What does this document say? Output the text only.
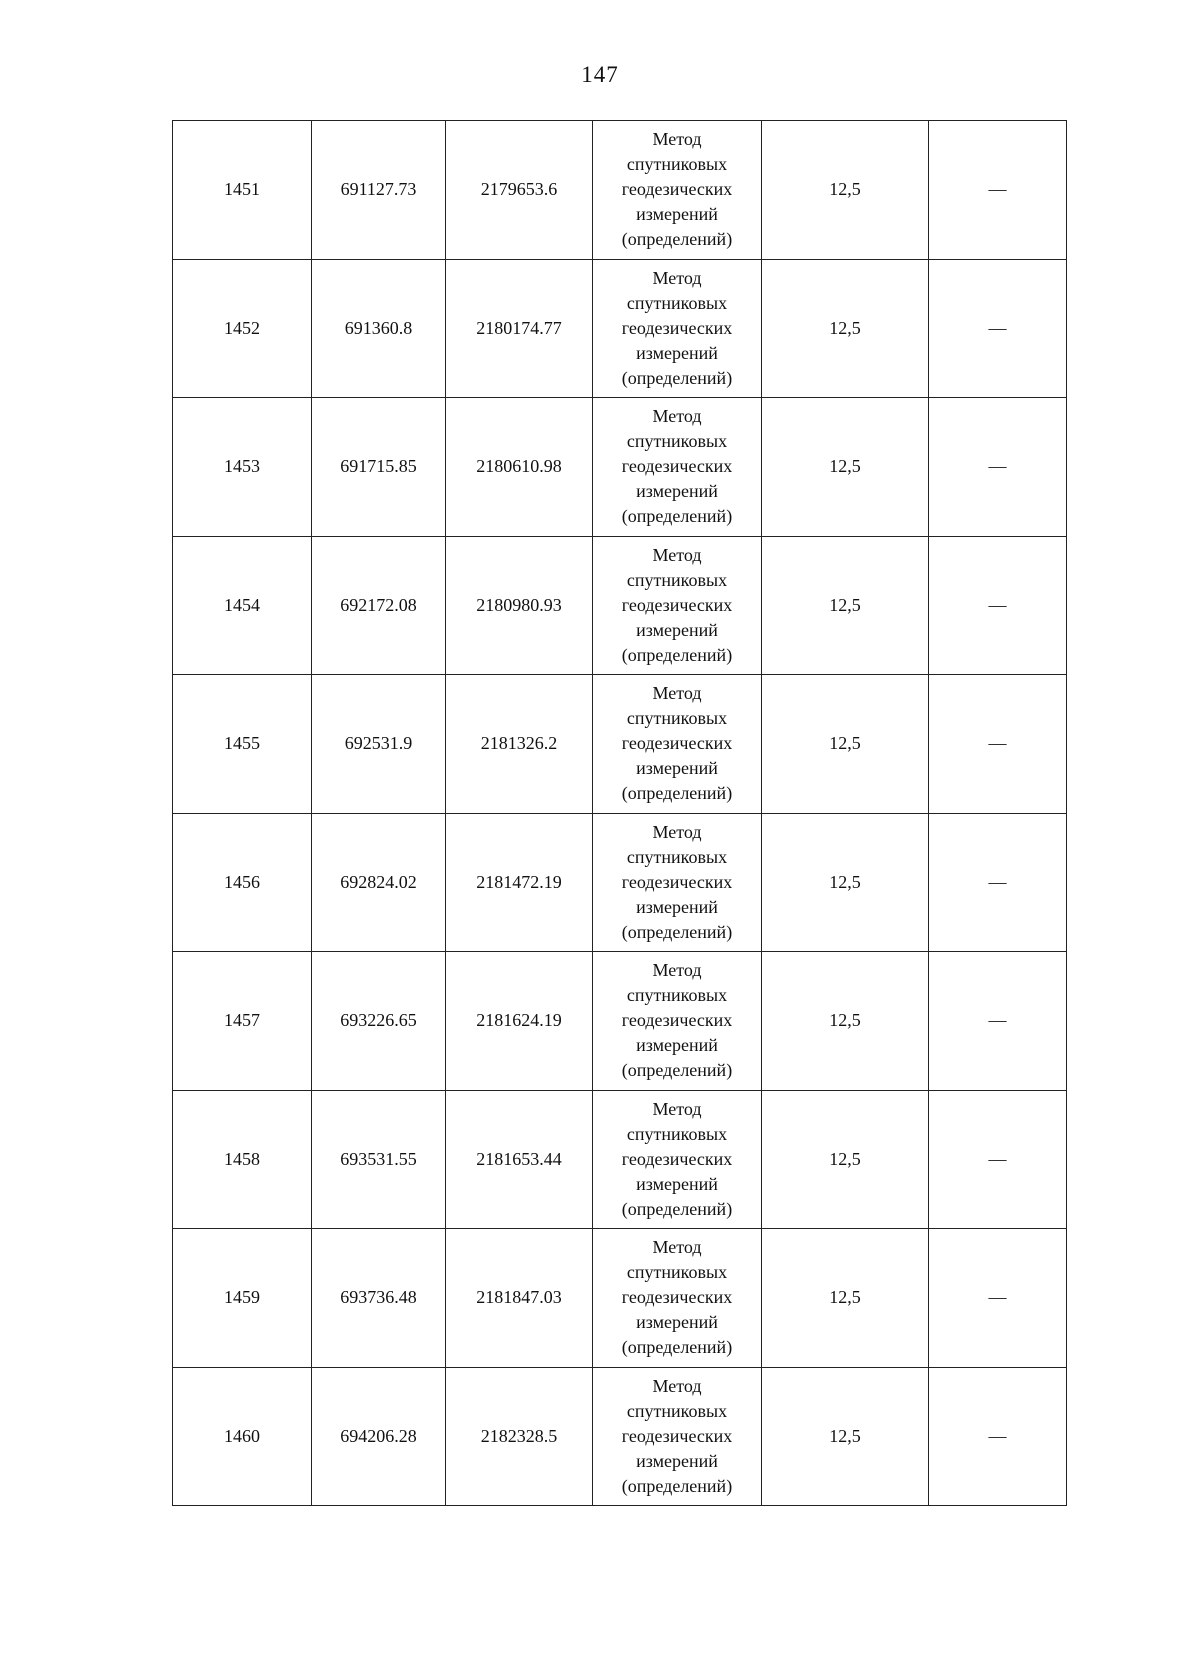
147
1451	691127.73	2179653.6	Метод
спутниковых
геодезических
измерений
(определений)	12,5	—
1452	691360.8	2180174.77	Метод
спутниковых
геодезических
измерений
(определений)	12,5	—
1453	691715.85	2180610.98	Метод
спутниковых
геодезических
измерений
(определений)	12,5	—
1454	692172.08	2180980.93	Метод
спутниковых
геодезических
измерений
(определений)	12,5	—
1455	692531.9	2181326.2	Метод
спутниковых
геодезических
измерений
(определений)	12,5	—
1456	692824.02	2181472.19	Метод
спутниковых
геодезических
измерений
(определений)	12,5	—
1457	693226.65	2181624.19	Метод
спутниковых
геодезических
измерений
(определений)	12,5	—
1458	693531.55	2181653.44	Метод
спутниковых
геодезических
измерений
(определений)	12,5	—
1459	693736.48	2181847.03	Метод
спутниковых
геодезических
измерений
(определений)	12,5	—
1460	694206.28	2182328.5	Метод
спутниковых
геодезических
измерений
(определений)	12,5	—
